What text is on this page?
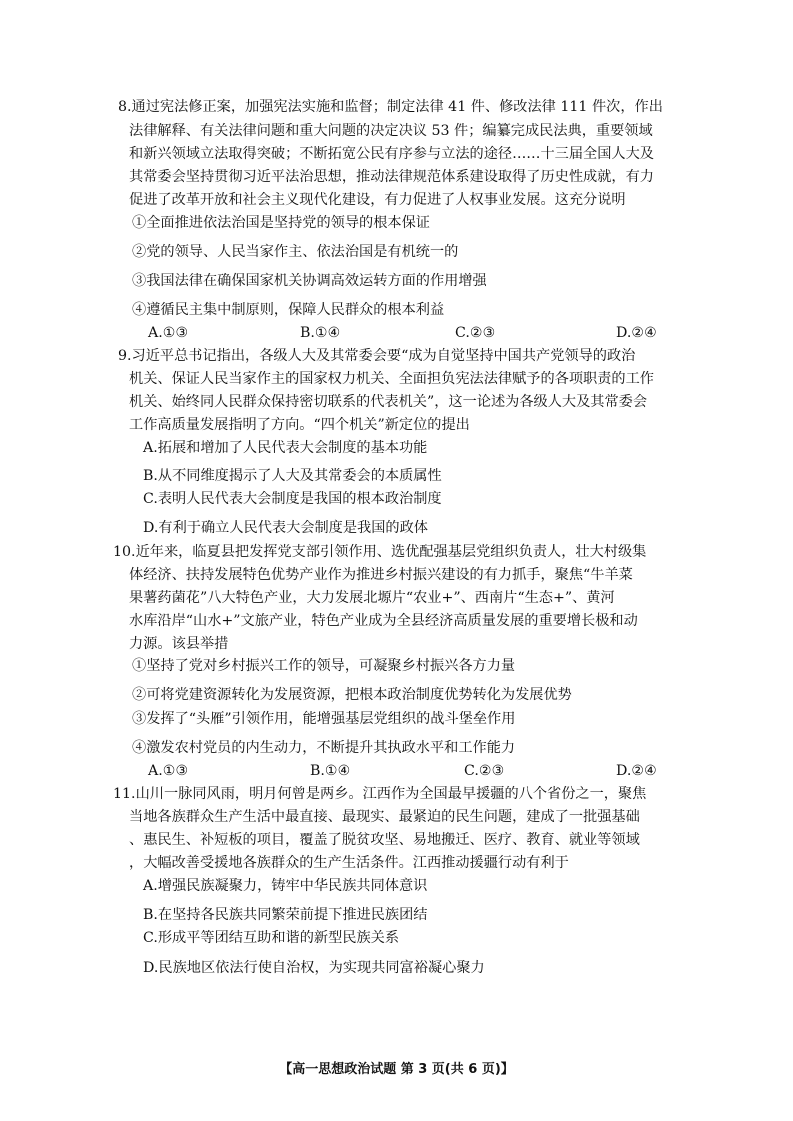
8.通过宪法修正案，加强宪法实施和监督；制定法律 41 件、修改法律 111 件次，作出
法律解释、有关法律问题和重大问题的决定决议 53 件；编纂完成民法典，重要领域
和新兴领域立法取得突破；不断拓宽公民有序参与立法的途径……十三届全国人大及
其常委会坚持贯彻习近平法治思想，推动法律规范体系建设取得了历史性成就，有力
促进了改革开放和社会主义现代化建设，有力促进了人权事业发展。这充分说明
①全面推进依法治国是坚持党的领导的根本保证
②党的领导、人民当家作主、依法治国是有机统一的
③我国法律在确保国家机关协调高效运转方面的作用增强
④遵循民主集中制原则，保障人民群众的根本利益
A.①③	B.①④	C.②③	D.②④
9.习近平总书记指出，各级人大及其常委会要“成为自觉坚持中国共产党领导的政治
机关、保证人民当家作主的国家权力机关、全面担负宪法法律赋予的各项职责的工作
机关、始终同人民群众保持密切联系的代表机关”，这一论述为各级人大及其常委会
工作高质量发展指明了方向。“四个机关”新定位的提出
A.拓展和增加了人民代表大会制度的基本功能
B.从不同维度揭示了人大及其常委会的本质属性
C.表明人民代表大会制度是我国的根本政治制度
D.有利于确立人民代表大会制度是我国的政体
10.近年来，临夏县把发挥党支部引领作用、选优配强基层党组织负责人，壮大村级集
体经济、扶持发展特色优势产业作为推进乡村振兴建设的有力抓手，聚焦“牛羊菜
果薯药菌花”八大特色产业，大力发展北塬片“农业+”、西南片“生态+”、黄河
水库沿岸“山水+”文旅产业，特色产业成为全县经济高质量发展的重要增长极和动
力源。该县举措
①坚持了党对乡村振兴工作的领导，可凝聚乡村振兴各方力量
②可将党建资源转化为发展资源，把根本政治制度优势转化为发展优势
③发挥了“头雁”引领作用，能增强基层党组织的战斗堡垒作用
④激发农村党员的内生动力，不断提升其执政水平和工作能力
A.①③	B.①④	C.②③	D.②④
11.山川一脉同风雨，明月何曾是两乡。江西作为全国最早援疆的八个省份之一，聚焦
当地各族群众生产生活中最直接、最现实、最紧迫的民生问题，建成了一批强基础
、惠民生、补短板的项目，覆盖了脱贫攻坚、易地搬迁、医疗、教育、就业等领域
，大幅改善受援地各族群众的生产生活条件。江西推动援疆行动有利于
A.增强民族凝聚力，铸牢中华民族共同体意识
B.在坚持各民族共同繁荣前提下推进民族团结
C.形成平等团结互助和谐的新型民族关系
D.民族地区依法行使自治权，为实现共同富裕凝心聚力
【高一思想政治试题 第 3 页(共 6 页)】
